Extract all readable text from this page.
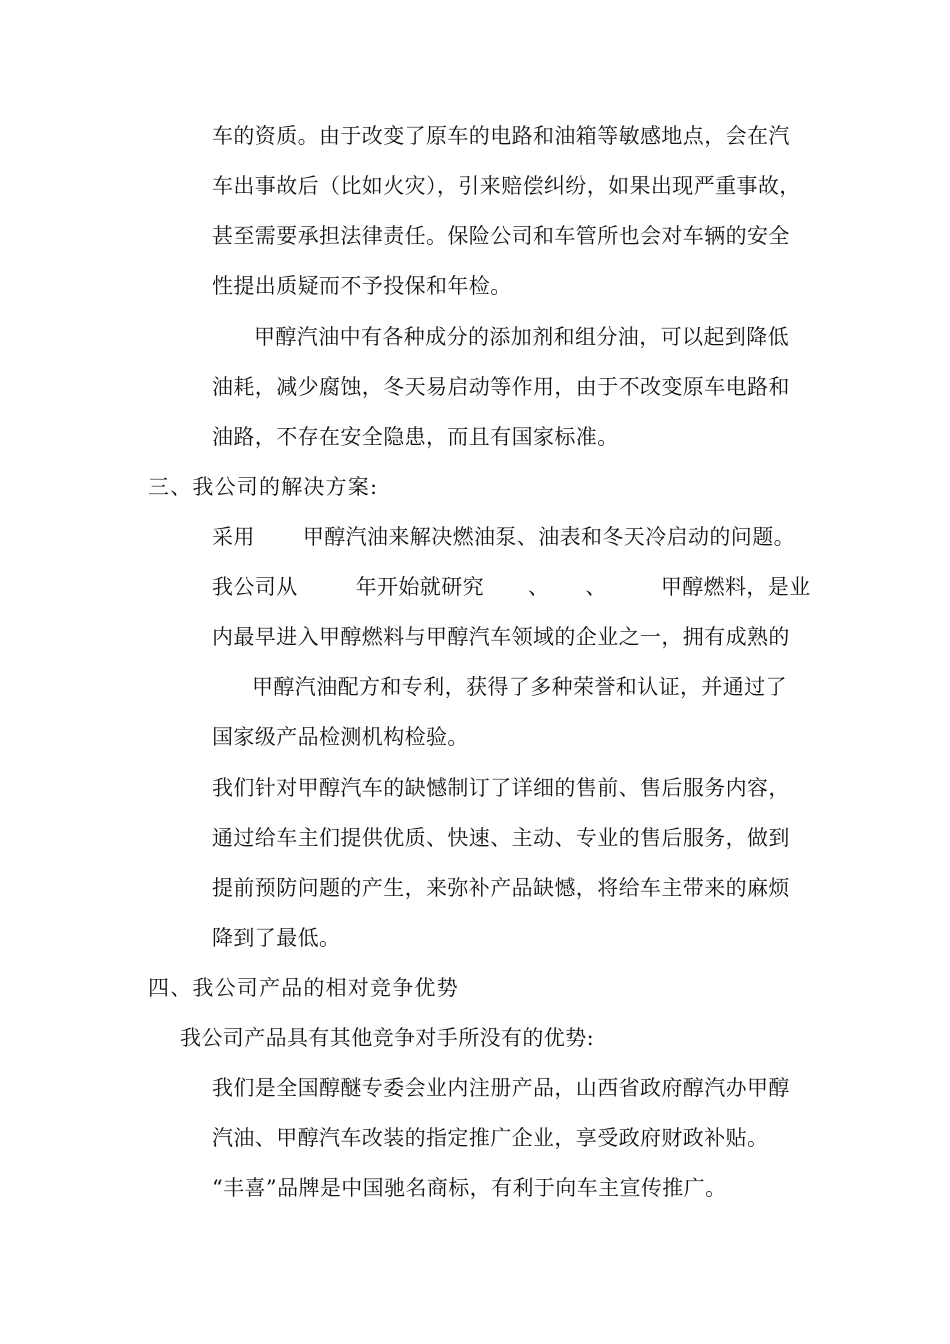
车的资质。由于改变了原车的电路和油箱等敏感地点，会在汽
车出事故后（比如火灾），引来赔偿纠纷，如果出现严重事故，
甚至需要承担法律责任。保险公司和车管所也会对车辆的安全
性提出质疑而不予投保和年检。
甲醇汽油中有各种成分的添加剂和组分油，可以起到降低
油耗，减少腐蚀，冬天易启动等作用，由于不改变原车电路和
油路，不存在安全隐患，而且有国家标准。
三、我公司的解决方案:
采用 甲醇汽油来解决燃油泵、油表和冬天冷启动的问题。
我公司从	年开始就研究 、 、	甲醇燃料，是业
内最早进入甲醇燃料与甲醇汽车领域的企业之一，拥有成熟的
甲醇汽油配方和专利，获得了多种荣誉和认证，并通过了
国家级产品检测机构检验。
我们针对甲醇汽车的缺憾制订了详细的售前、售后服务内容，
通过给车主们提供优质、快速、主动、专业的售后服务，做到
提前预防问题的产生，来弥补产品缺憾，将给车主带来的麻烦
降到了最低。
四、我公司产品的相对竞争优势
我公司产品具有其他竞争对手所没有的优势:
我们是全国醇醚专委会业内注册产品，山西省政府醇汽办甲醇
汽油、甲醇汽车改装的指定推广企业，享受政府财政补贴。
“丰喜”品牌是中国驰名商标，有利于向车主宣传推广。
